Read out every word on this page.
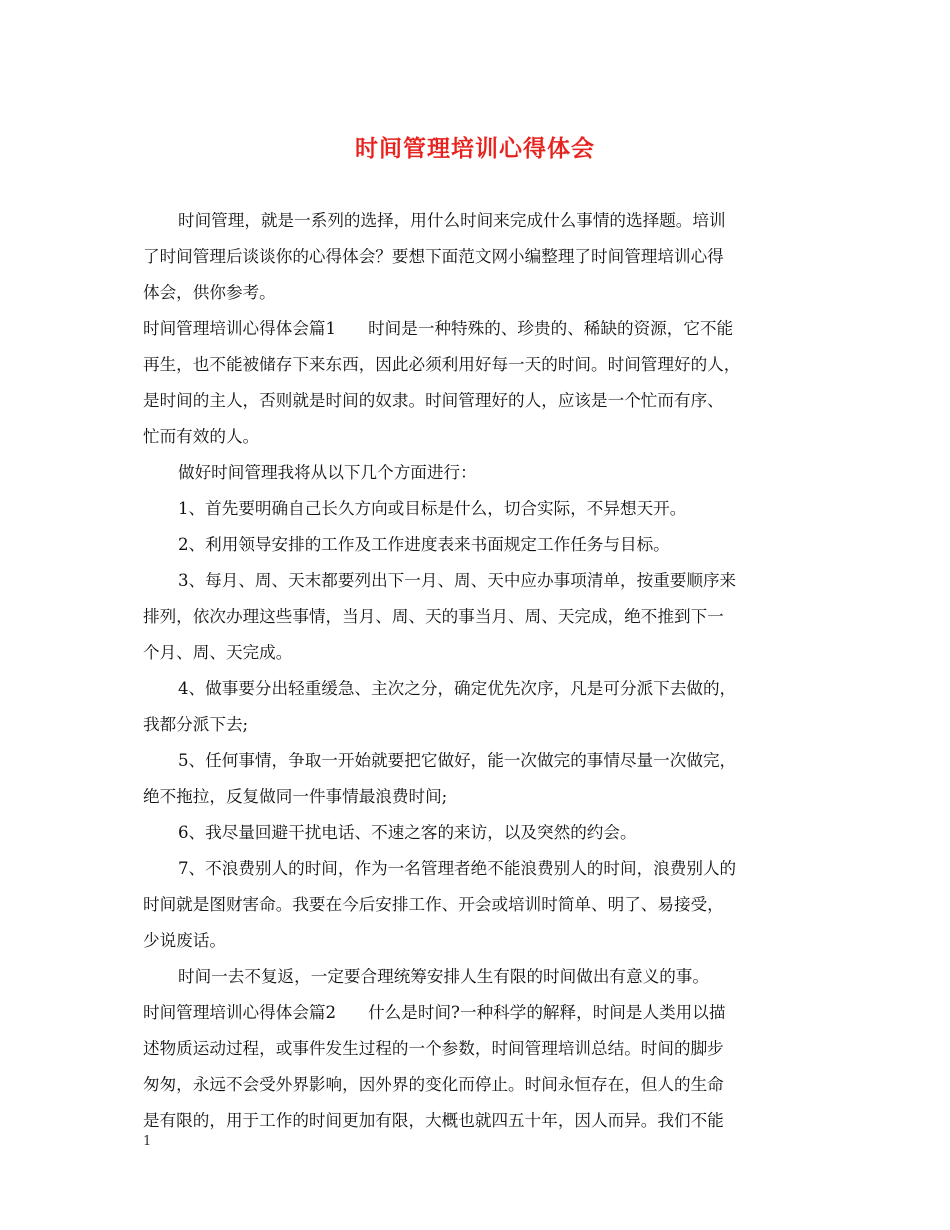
时间管理培训心得体会
时间管理，就是一系列的选择，用什么时间来完成什么事情的选择题。培训
了时间管理后谈谈你的心得体会？要想下面范文网小编整理了时间管理培训心得
体会，供你参考。
时间管理培训心得体会篇1 时间是一种特殊的、珍贵的、稀缺的资源，它不能
再生，也不能被储存下来东西，因此必须利用好每一天的时间。时间管理好的人，
是时间的主人，否则就是时间的奴隶。时间管理好的人，应该是一个忙而有序、
忙而有效的人。
做好时间管理我将从以下几个方面进行：
1、首先要明确自己长久方向或目标是什么，切合实际，不异想天开。
2、利用领导安排的工作及工作进度表来书面规定工作任务与目标。
3、每月、周、天末都要列出下一月、周、天中应办事项清单，按重要顺序来
排列，依次办理这些事情，当月、周、天的事当月、周、天完成，绝不推到下一
个月、周、天完成。
4、做事要分出轻重缓急、主次之分，确定优先次序，凡是可分派下去做的，
我都分派下去;
5、任何事情，争取一开始就要把它做好，能一次做完的事情尽量一次做完，
绝不拖拉，反复做同一件事情最浪费时间;
6、我尽量回避干扰电话、不速之客的来访，以及突然的约会。
7、不浪费别人的时间，作为一名管理者绝不能浪费别人的时间，浪费别人的
时间就是图财害命。我要在今后安排工作、开会或培训时简单、明了、易接受，
少说废话。
时间一去不复返，一定要合理统筹安排人生有限的时间做出有意义的事。
时间管理培训心得体会篇2 什么是时间?一种科学的解释，时间是人类用以描
述物质运动过程，或事件发生过程的一个参数，时间管理培训总结。时间的脚步
匆匆，永远不会受外界影响，因外界的变化而停止。时间永恒存在，但人的生命
是有限的，用于工作的时间更加有限，大概也就四五十年，因人而异。我们不能
1
